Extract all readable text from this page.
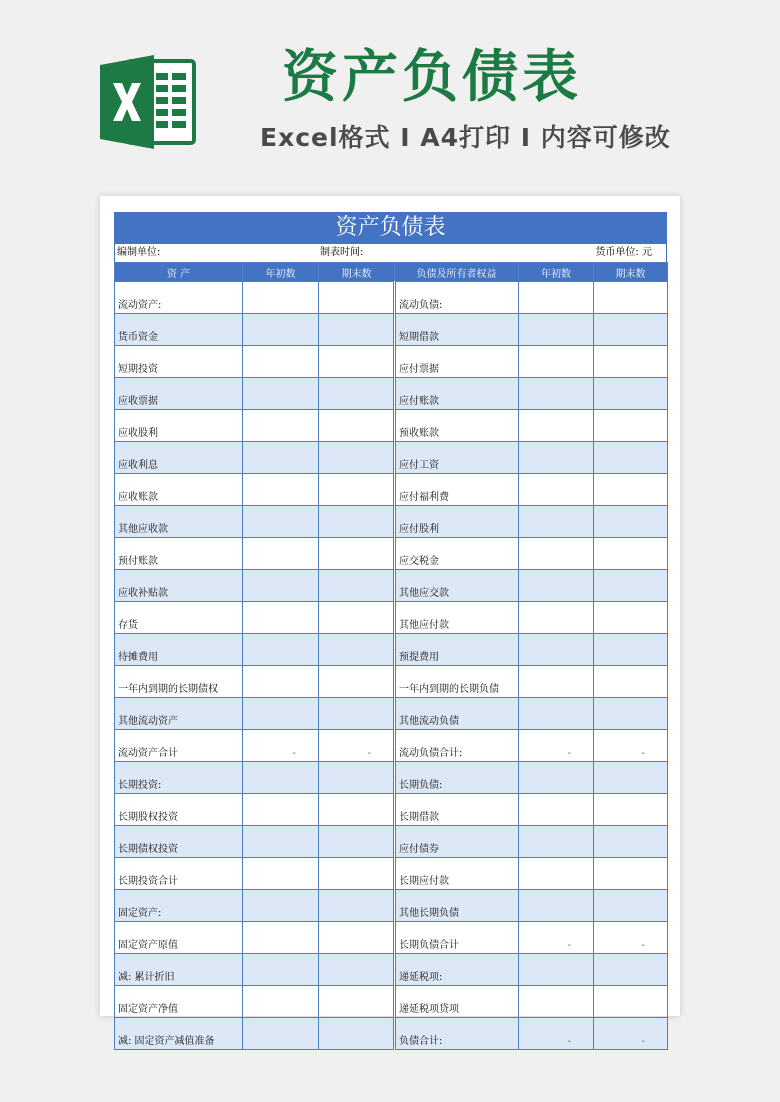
资产负债表
Excel格式 I A4打印 I 内容可修改
资产负债表
编制单位:	制表时间:	货币单位: 元
资 产	年初数	期末数	负债及所有者权益	年初数	期末数
流动资产:			流动负债:		
货币资金			短期借款		
短期投资			应付票据		
应收票据			应付账款		
应收股利			预收账款		
应收利息			应付工资		
应收账款			应付福利费		
其他应收款			应付股利		
预付账款			应交税金		
应收补贴款			其他应交款		
存货			其他应付款		
待摊费用			预提费用		
一年内到期的长期债权			一年内到期的长期负债		
其他流动资产			其他流动负债		
流动资产合计	-	-	流动负债合计:	-	-
长期投资:			长期负债:		
长期股权投资			长期借款		
长期债权投资			应付债券		
长期投资合计			长期应付款		
固定资产:			其他长期负债		
固定资产原值			长期负债合计	-	-
减: 累计折旧			递延税项:		
固定资产净值			递延税项贷项		
减: 固定资产减值准备			负债合计:	-	-
